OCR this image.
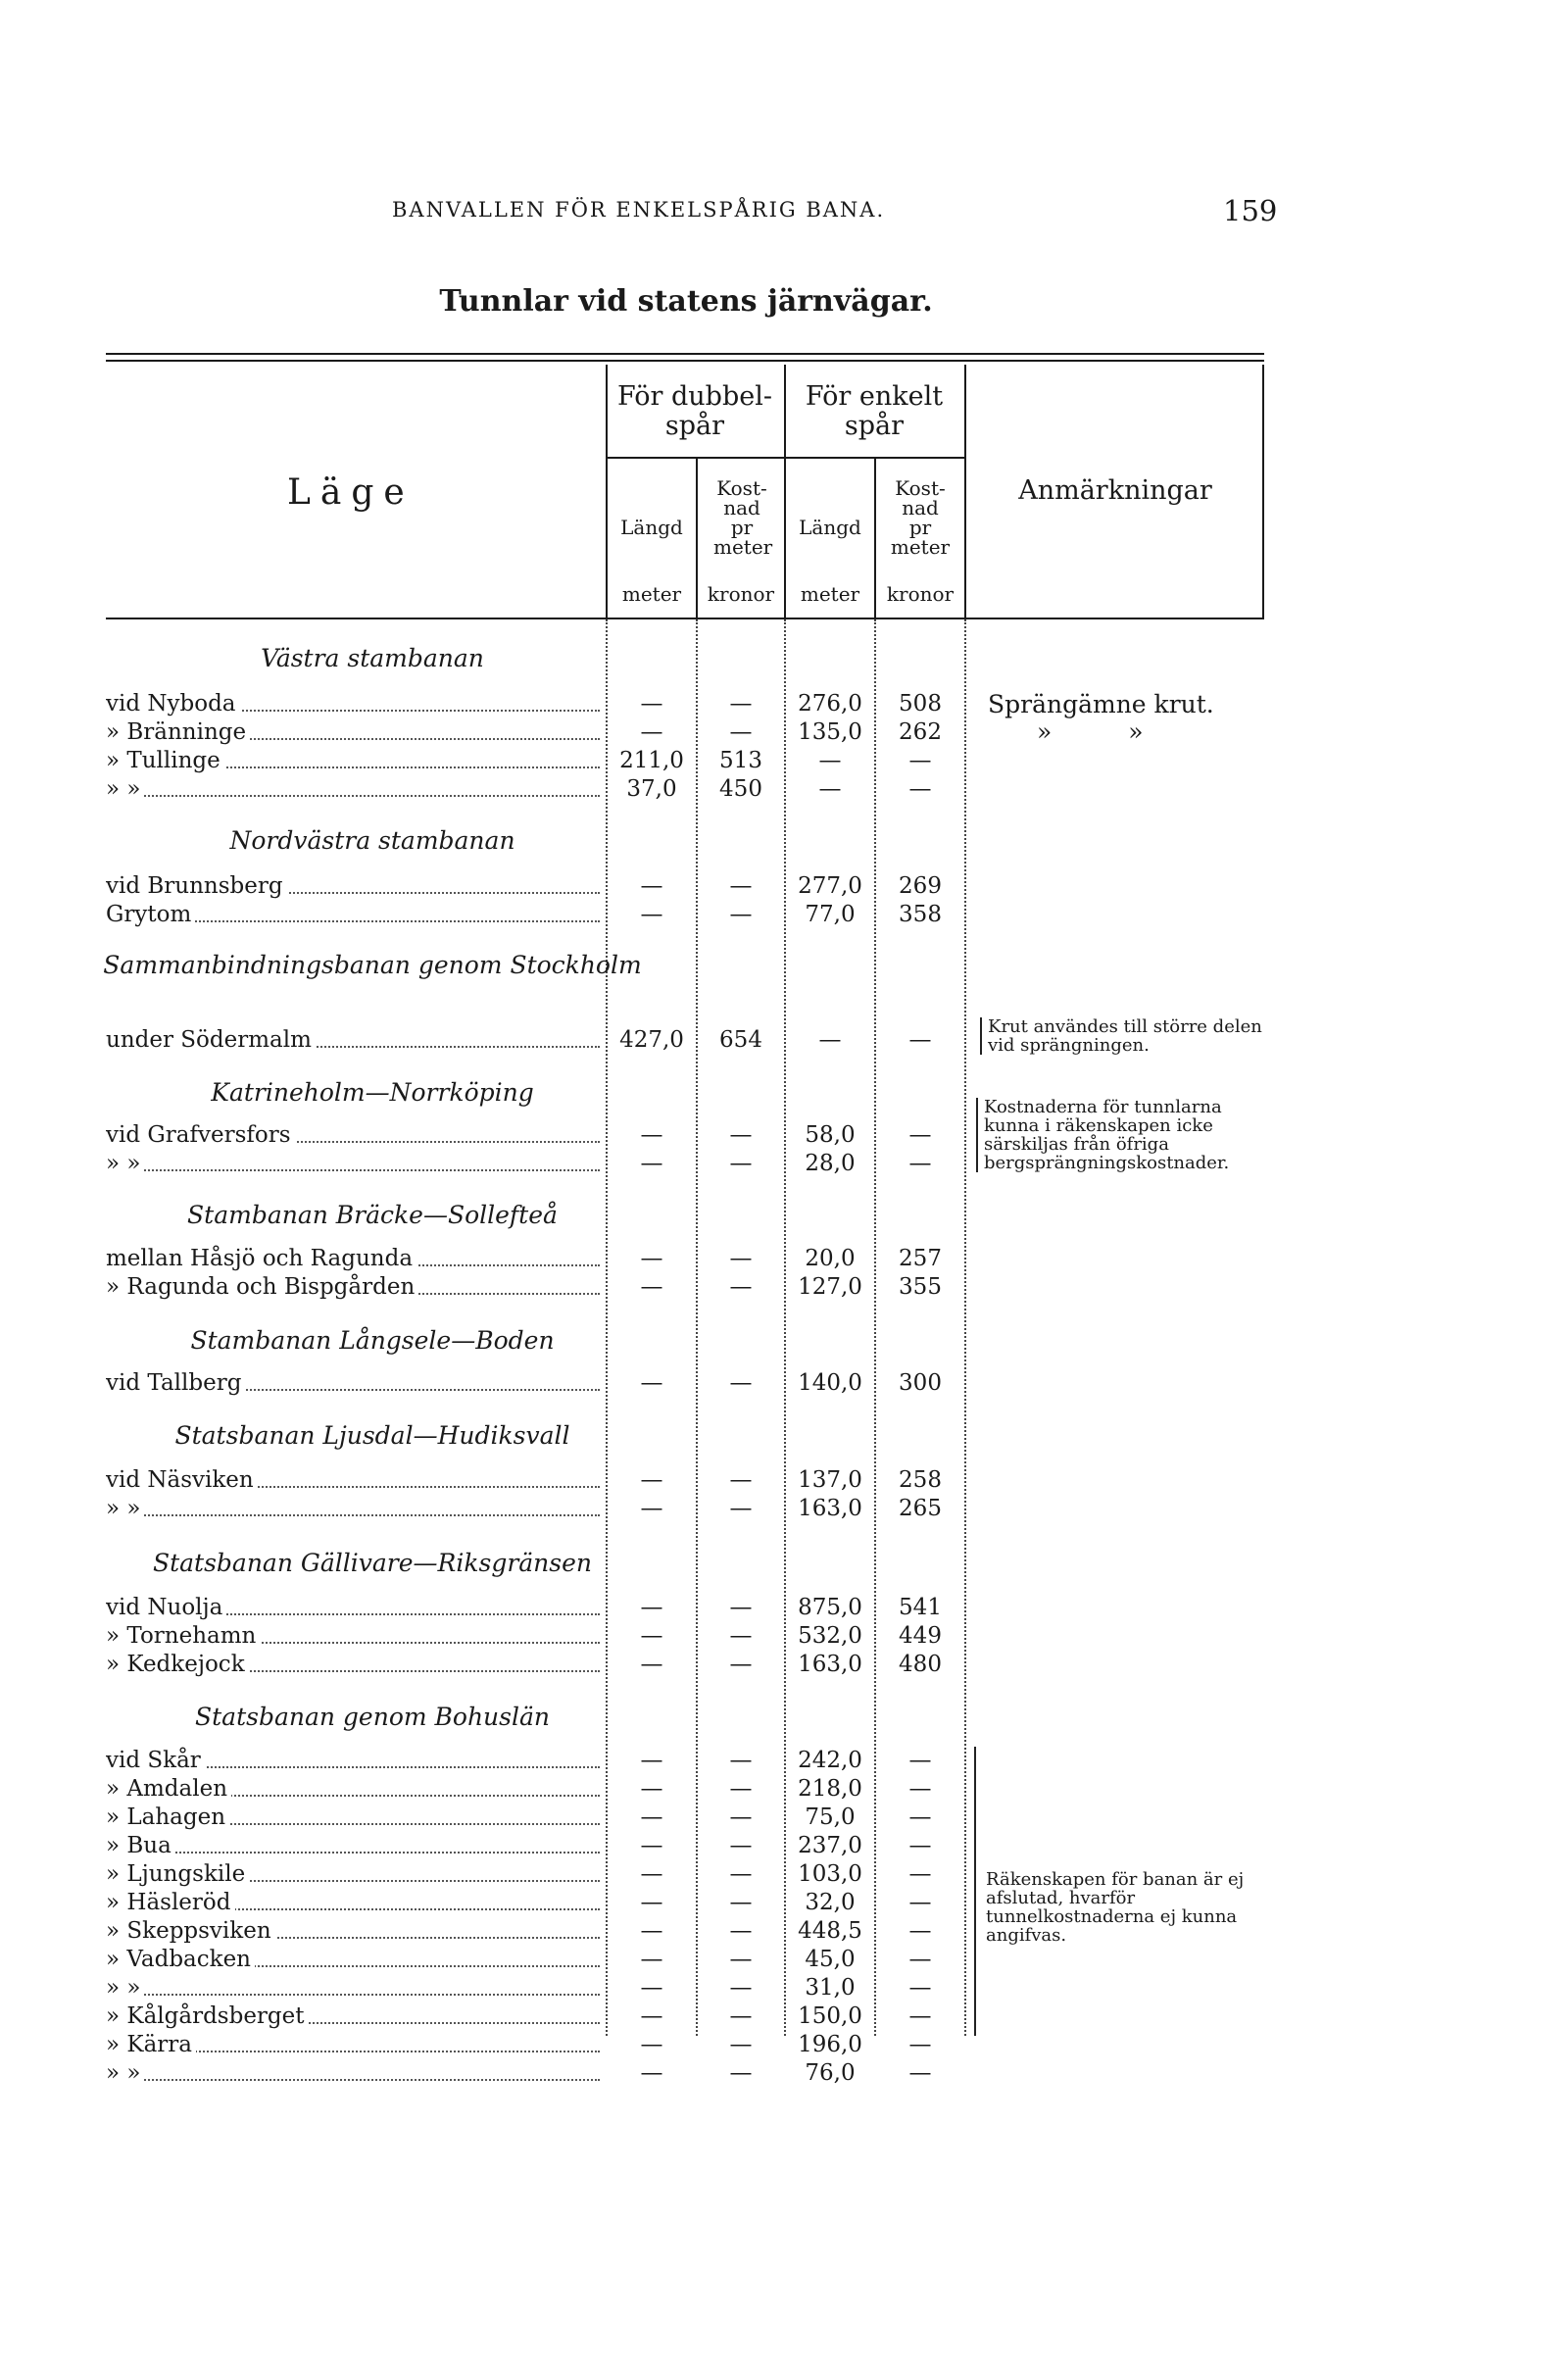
BANVALLEN FÖR ENKELSPÅRIG BANA.	159
Tunnlar vid statens järnvägar.
Läge
För dubbel- spår
För enkelt spår
Anmärkningar
Längd
Kost- nad pr meter
Längd
Kost- nad pr meter
meter	kronor	meter	kronor
Västra stambanan
vid Nyboda	—	—	276,0	508
» Bränninge	—	—	135,0	262
» Tullinge	211,0	513	—	—
» »	37,0	450	—	—
Nordvästra stambanan
vid Brunnsberg	—	—	277,0	269
Grytom	—	—	77,0	358
Sammanbindningsbanan genom Stockholm
under Södermalm	427,0	654	—	—
Katrineholm—Norrköping
vid Grafversfors	—	—	58,0	—
» »	—	—	28,0	—
Stambanan Bräcke—Sollefteå
mellan Håsjö och Ragunda	—	—	20,0	257
» Ragunda och Bispgården	—	—	127,0	355
Stambanan Långsele—Boden
vid Tallberg	—	—	140,0	300
Statsbanan Ljusdal—Hudiksvall
vid Näsviken	—	—	137,0	258
» »	—	—	163,0	265
Statsbanan Gällivare—Riksgränsen
vid Nuolja	—	—	875,0	541
» Tornehamn	—	—	532,0	449
» Kedkejock	—	—	163,0	480
Statsbanan genom Bohuslän
vid Skår	—	—	242,0	—
» Amdalen	—	—	218,0	—
» Lahagen	—	—	75,0	—
» Bua	—	—	237,0	—
» Ljungskile	—	—	103,0	—
» Häsleröd	—	—	32,0	—
» Skeppsviken	—	—	448,5	—
» Vadbacken	—	—	45,0	—
» »	—	—	31,0	—
» Kålgårdsberget	—	—	150,0	—
» Kärra	—	—	196,0	—
» »	—	—	76,0	—
Sprängämne krut.
» »
Krut användes till större delen vid sprängningen.
Kostnaderna för tunnlarna kunna i räkenskapen icke särskiljas från öfriga bergsprängningskostnader.
Räkenskapen för banan är ej afslutad, hvarför tunnelkostnaderna ej kunna angifvas.
